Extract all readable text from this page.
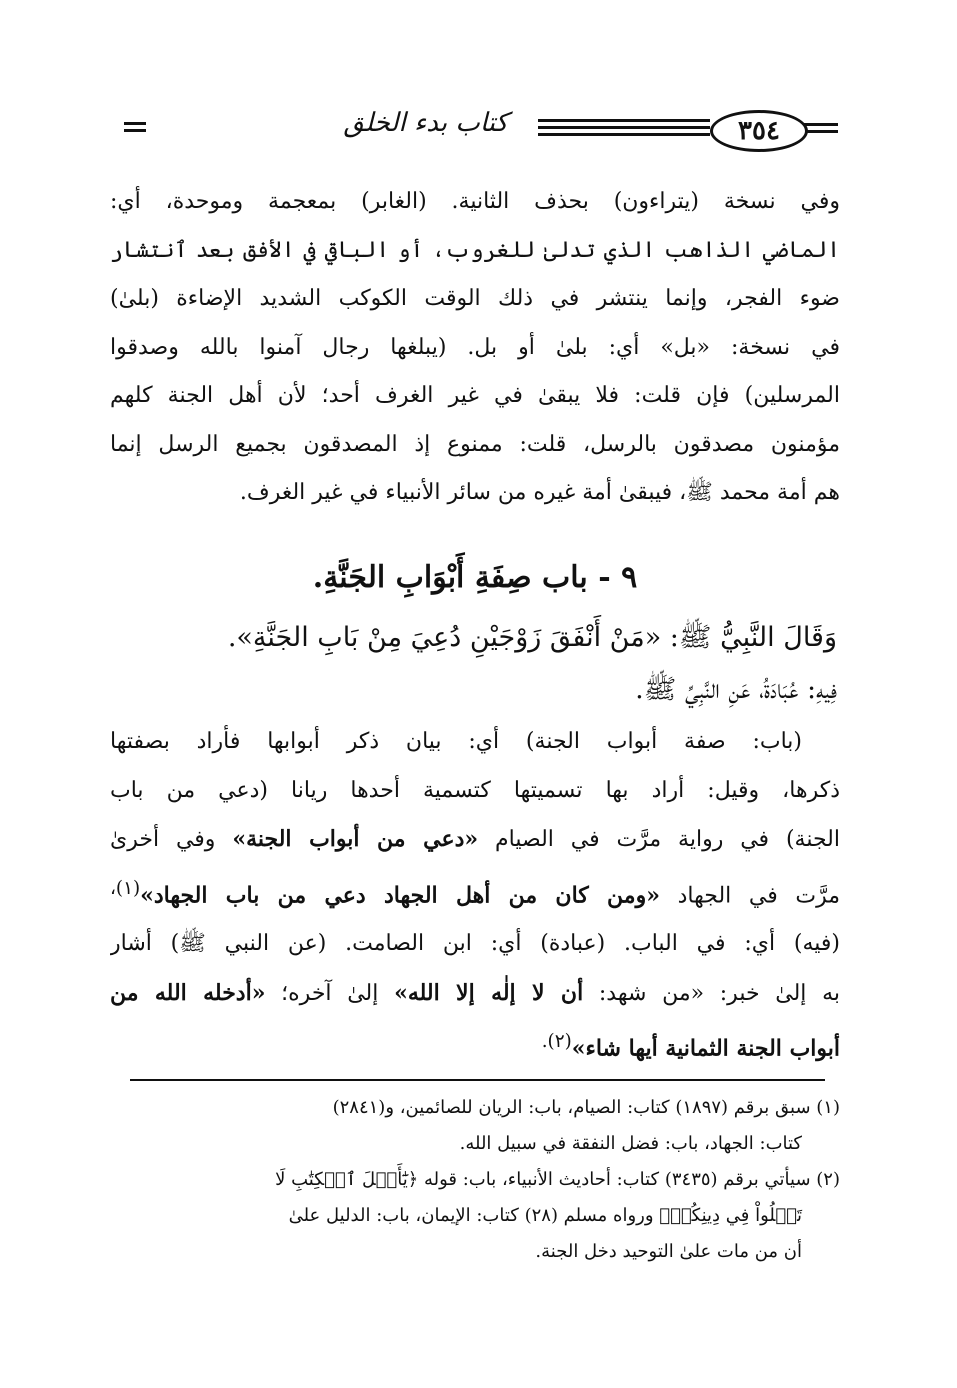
٣٥٤
كتاب بدء الخلق
وفي نسخة (يتراءون) بحذف الثانية. (الغابر) بمعجمة وموحدة، أي:
الماضي الذاهب الذي تدلىٰ للغروب، أو الباقي في الأفق بعد ٱنتشار
ضوء الفجر، وإنما ينتشر في ذلك الوقت الكوكب الشديد الإضاءة (بلىٰ)
في نسخة: «بل» أي: بلىٰ أو بل. (يبلغها رجال آمنوا بالله وصدقوا
المرسلين) فإن قلت: فلا يبقىٰ في غير الغرف أحد؛ لأن أهل الجنة كلهم
مؤمنون مصدقون بالرسل، قلت: ممنوع إذ المصدقون بجميع الرسل إنما
هم أمة محمد ﷺ، فيبقىٰ أمة غيره من سائر الأنبياء في غير الغرف.
٩ - باب صِفَةِ أَبْوَابِ الجَنَّةِ.
وَقَالَ النَّبِيُّ ﷺ: «مَنْ أَنْفَقَ زَوْجَيْنِ دُعِيَ مِنْ بَابِ الجَنَّةِ».
فِيهِ: عُبَادَةُ، عَنِ النَّبِيِّ ﷺ.
(باب: صفة أبواب الجنة) أي: بيان ذكر أبوابها فأراد بصفتها
ذكرها، وقيل: أراد بها تسميتها كتسمية أحدها ريانا (دعي من باب
الجنة) في رواية مرَّت في الصيام «دعي من أبواب الجنة» وفي أخرىٰ
مرَّت في الجهاد «ومن كان من أهل الجهاد دعي من باب الجهاد»$^{(١)،}$
(فيه) أي: في الباب. (عبادة) أي: ابن الصامت. (عن النبي ﷺ) أشار
به إلىٰ خبر: «من شهد: أن لا إلٰه إلا الله» إلىٰ آخره؛ «أدخله الله من
أبواب الجنة الثمانية أيها شاء»$^{(٢).}$
(١) سبق برقم (١٨٩٧) كتاب: الصيام، باب: الريان للصائمين، و(٢٨٤١)
كتاب: الجهاد، باب: فضل النفقة في سبيل الله.
(٢) سيأتي برقم (٣٤٣٥) كتاب: أحاديث الأنبياء، باب: قوله ﴿يَٰٓأَهۡلَ ٱلۡكِتَٰبِ لَا
تَغۡلُواْ فِي دِينِكُمۡ﴾ ورواه مسلم (٢٨) كتاب: الإيمان، باب: الدليل علىٰ
أن من مات علىٰ التوحيد دخل الجنة.
